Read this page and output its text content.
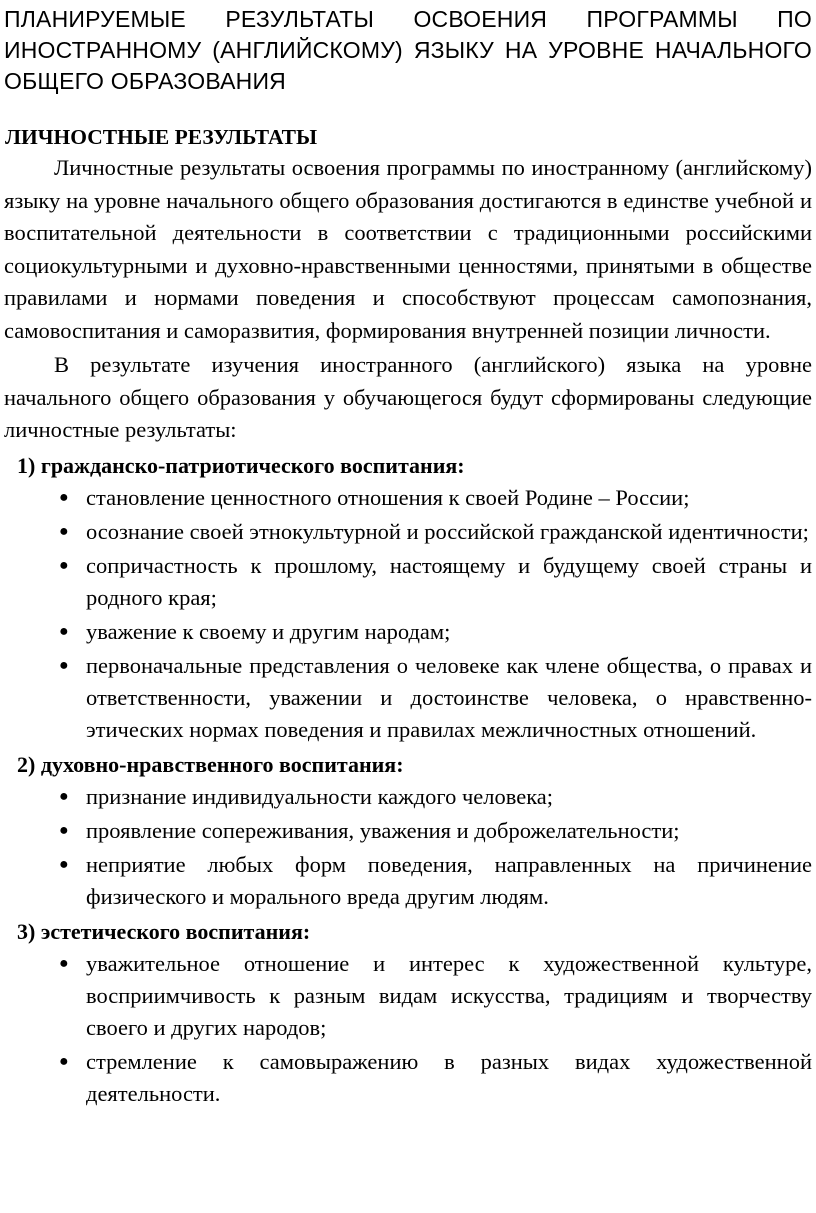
ПЛАНИРУЕМЫЕ РЕЗУЛЬТАТЫ ОСВОЕНИЯ ПРОГРАММЫ ПО ИНОСТРАННОМУ (АНГЛИЙСКОМУ) ЯЗЫКУ НА УРОВНЕ НАЧАЛЬНОГО ОБЩЕГО ОБРАЗОВАНИЯ
ЛИЧНОСТНЫЕ РЕЗУЛЬТАТЫ

Личностные результаты освоения программы по иностранному (английскому) языку на уровне начального общего образования достигаются в единстве учебной и воспитательной деятельности в соответствии с традиционными российскими социокультурными и духовно-нравственными ценностями, принятыми в обществе правилами и нормами поведения и способствуют процессам самопознания, самовоспитания и саморазвития, формирования внутренней позиции личности.

В результате изучения иностранного (английского) языка на уровне начального общего образования у обучающегося будут сформированы следующие личностные результаты:

1) гражданско-патриотического воспитания:
● становление ценностного отношения к своей Родине – России;
● осознание своей этнокультурной и российской гражданской идентичности;
● сопричастность к прошлому, настоящему и будущему своей страны и родного края;
● уважение к своему и другим народам;
● первоначальные представления о человеке как члене общества, о правах и ответственности, уважении и достоинстве человека, о нравственно-этических нормах поведения и правилах межличностных отношений.
2) духовно-нравственного воспитания:
● признание индивидуальности каждого человека;
● проявление сопереживания, уважения и доброжелательности;
● неприятие любых форм поведения, направленных на причинение физического и морального вреда другим людям.
3) эстетического воспитания:
● уважительное отношение и интерес к художественной культуре, восприимчивость к разным видам искусства, традициям и творчеству своего и других народов;
● стремление к самовыражению в разных видах художественной деятельности.
